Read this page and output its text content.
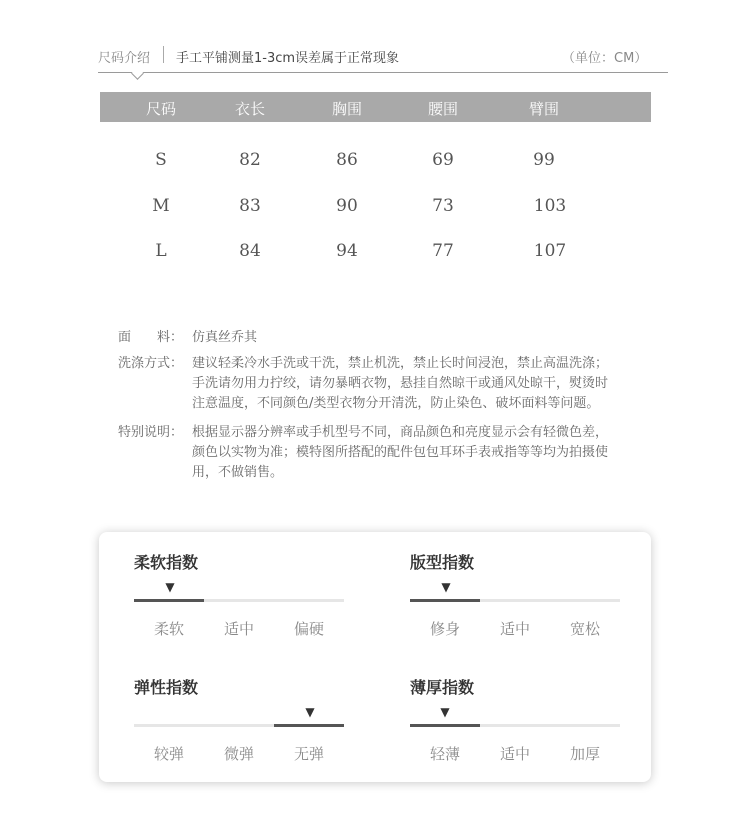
尺码介绍 手工平铺测量1-3cm误差属于正常现象	（单位：CM）
尺码	衣长	胸围	腰围	臂围
S	82	86	69	99
M	83	90	73	103
L	84	94	77	107
面　　料： 仿真丝乔其
洗涤方式： 建议轻柔冷水手洗或干洗，禁止机洗，禁止长时间浸泡，禁止高温洗涤；
手洗请勿用力拧绞，请勿暴晒衣物，悬挂自然晾干或通风处晾干，熨烫时
注意温度，不同颜色/类型衣物分开清洗，防止染色、破坏面料等问题。
特别说明： 根据显示器分辨率或手机型号不同，商品颜色和亮度显示会有轻微色差，
颜色以实物为准；模特图所搭配的配件包包耳环手表戒指等等均为拍摄使
用，不做销售。
柔软指数
▼
柔软	适中	偏硬
版型指数
▼
修身	适中	宽松
弹性指数
▼
较弹	微弹	无弹
薄厚指数
▼
轻薄	适中	加厚
